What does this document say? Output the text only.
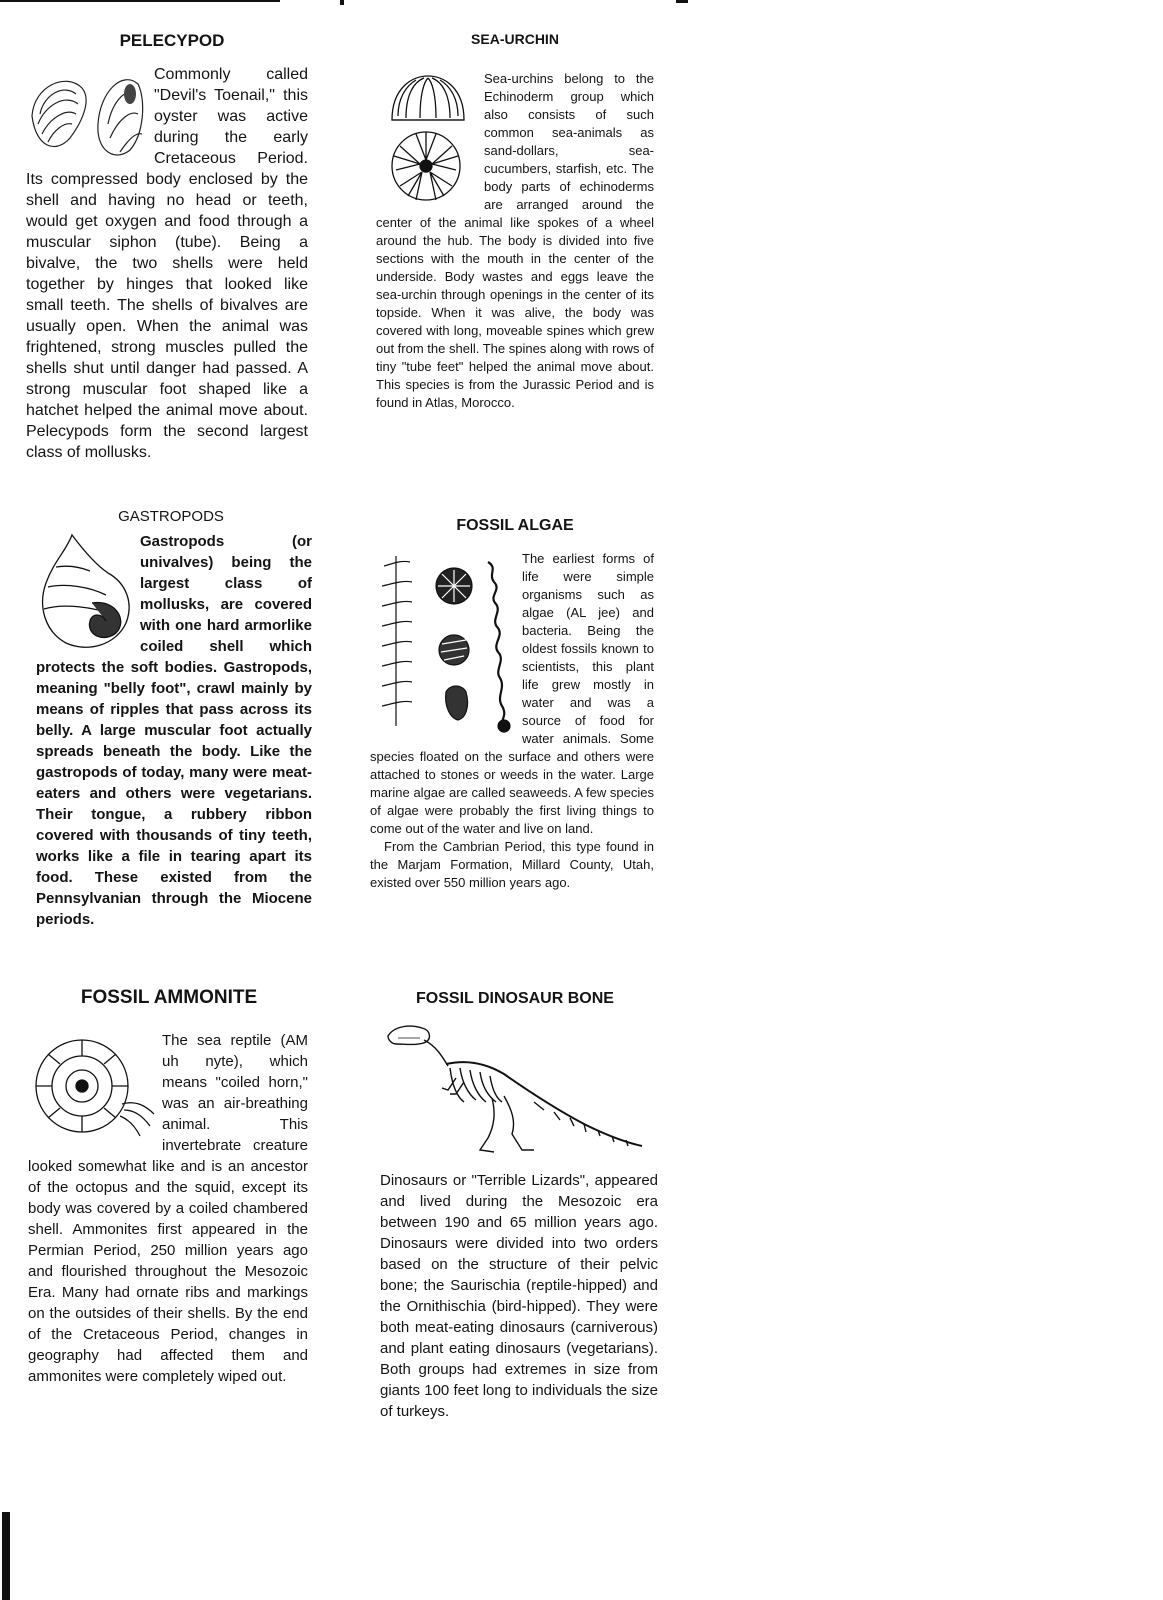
PELECYPOD
Commonly called "Devil's Toenail," this oyster was active during the early Cretaceous Period. Its compressed body enclosed by the shell and having no head or teeth, would get oxygen and food through a muscular siphon (tube). Being a bivalve, the two shells were held together by hinges that looked like small teeth. The shells of bivalves are usually open. When the animal was frightened, strong muscles pulled the shells shut until danger had passed. A strong muscular foot shaped like a hatchet helped the animal move about. Pelecypods form the second largest class of mollusks.
SEA-URCHIN
Sea-urchins belong to the Echinoderm group which also consists of such common sea-animals as sand-dollars, sea-cucumbers, starfish, etc. The body parts of echinoderms are arranged around the center of the animal like spokes of a wheel around the hub. The body is divided into five sections with the mouth in the center of the underside. Body wastes and eggs leave the sea-urchin through openings in the center of its topside. When it was alive, the body was covered with long, moveable spines which grew out from the shell. The spines along with rows of tiny "tube feet" helped the animal move about. This species is from the Jurassic Period and is found in Atlas, Morocco.
GASTROPODS
Gastropods (or univalves) being the largest class of mollusks, are covered with one hard armorlike coiled shell which protects the soft bodies. Gastropods, meaning "belly foot", crawl mainly by means of ripples that pass across its belly. A large muscular foot actually spreads beneath the body. Like the gastropods of today, many were meat-eaters and others were vegetarians. Their tongue, a rubbery ribbon covered with thousands of tiny teeth, works like a file in tearing apart its food. These existed from the Pennsylvanian through the Miocene periods.
FOSSIL ALGAE
The earliest forms of life were simple organisms such as algae (AL jee) and bacteria. Being the oldest fossils known to scientists, this plant life grew mostly in water and was a source of food for water animals. Some species floated on the surface and others were attached to stones or weeds in the water. Large marine algae are called seaweeds. A few species of algae were probably the first living things to come out of the water and live on land.

From the Cambrian Period, this type found in the Marjam Formation, Millard County, Utah, existed over 550 million years ago.

FOSSIL AMMONITE
The sea reptile (AM uh nyte), which means "coiled horn," was an air-breathing animal. This invertebrate creature looked somewhat like and is an ancestor of the octopus and the squid, except its body was covered by a coiled chambered shell. Ammonites first appeared in the Permian Period, 250 million years ago and flourished throughout the Mesozoic Era. Many had ornate ribs and markings on the outsides of their shells. By the end of the Cretaceous Period, changes in geography had affected them and ammonites were completely wiped out.
FOSSIL DINOSAUR BONE
Dinosaurs or "Terrible Lizards", appeared and lived during the Mesozoic era between 190 and 65 million years ago. Dinosaurs were divided into two orders based on the structure of their pelvic bone; the Saurischia (reptile-hipped) and the Ornithischia (bird-hipped). They were both meat-eating dinosaurs (carniverous) and plant eating dinosaurs (vegetarians). Both groups had extremes in size from giants 100 feet long to individuals the size of turkeys.
